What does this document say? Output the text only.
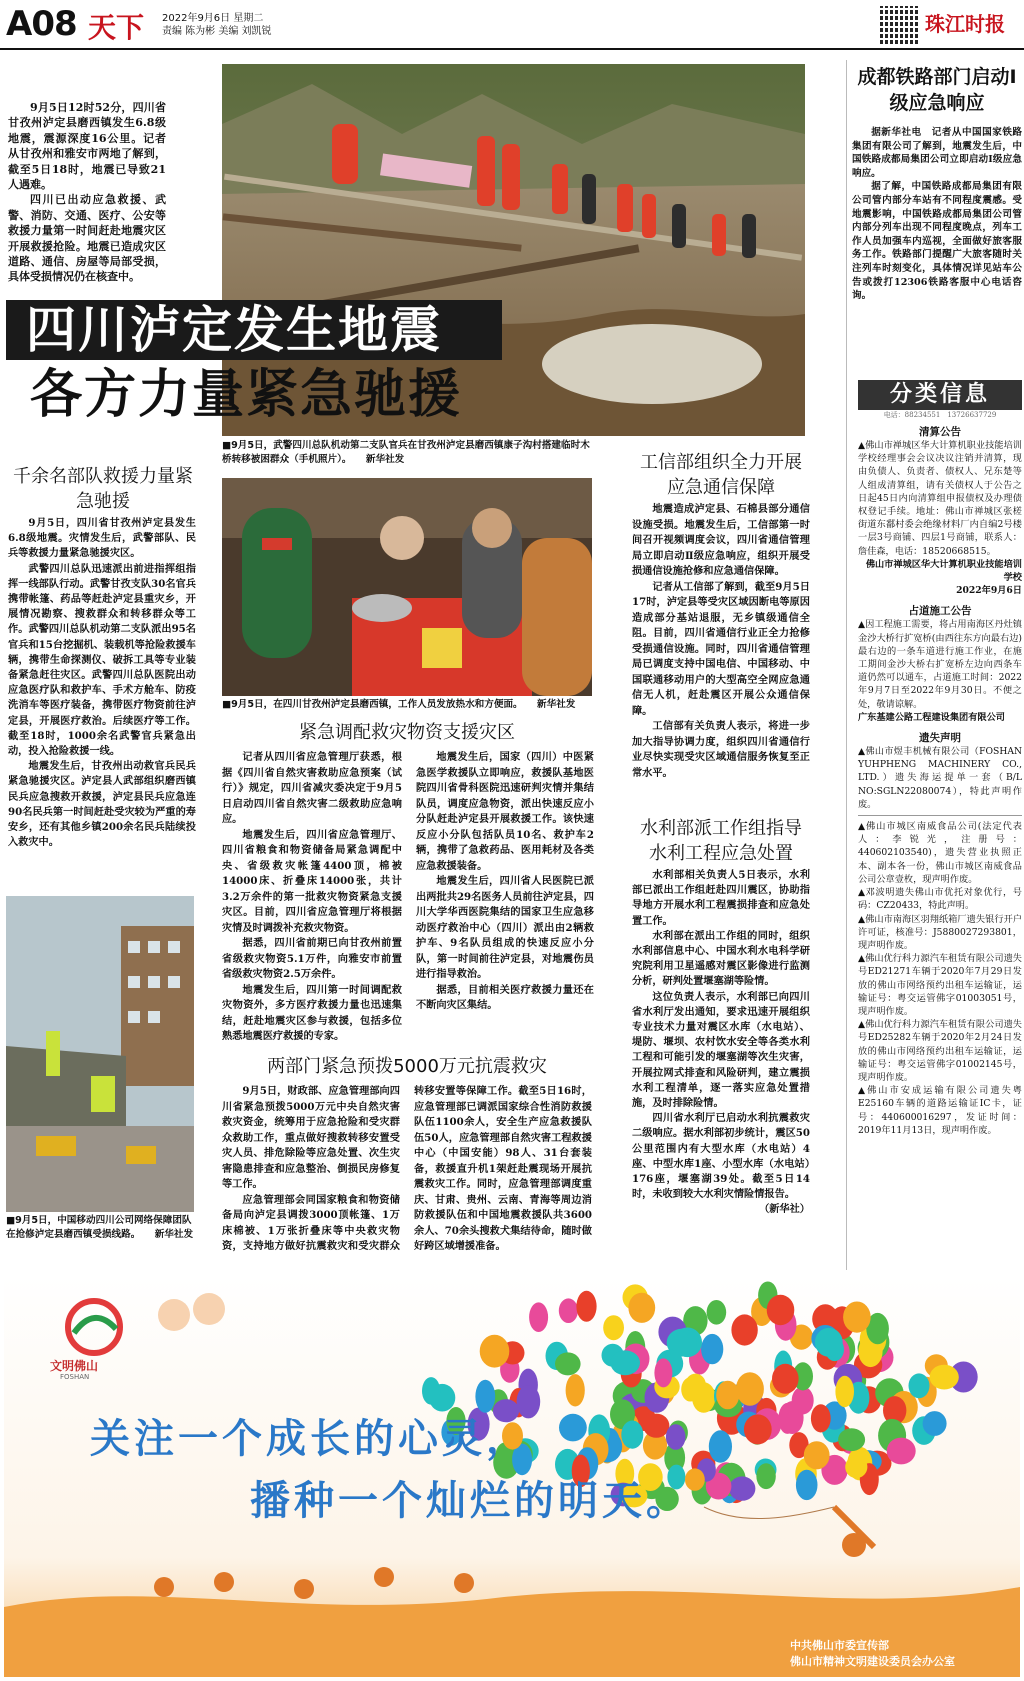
A08 天下 2022年9月6日 星期二
责编 陈为彬 美编 刘凯锐	珠江时报

9月5日12时52分，四川省甘孜州泸定县磨西镇发生6.8级地震，震源深度16公里。记者从甘孜州和雅安市两地了解到，截至5日18时，地震已导致21人遇难。

四川已出动应急救援、武警、消防、交通、医疗、公安等救援力量第一时间赶赴地震灾区开展救援抢险。地震已造成灾区道路、通信、房屋等局部受损，具体受损情况仍在核查中。

四川泸定发生地震
各方力量紧急驰援
■9月5日，武警四川总队机动第二支队官兵在甘孜州泸定县磨西镇康子沟村搭建临时木桥转移被困群众（手机照片）。　　新华社发
成都铁路部门启动Ⅰ级应急响应

据新华社电　记者从中国国家铁路集团有限公司了解到，地震发生后，中国铁路成都局集团公司立即启动Ⅰ级应急响应。

据了解，中国铁路成都局集团有限公司管内部分车站有不同程度震感。受地震影响，中国铁路成都局集团公司管内部分列车出现不同程度晚点，列车工作人员加强车内巡视，全面做好旅客服务工作。铁路部门提醒广大旅客随时关注列车时刻变化，具体情况详见站车公告或拨打12306铁路客服中心电话咨询。

分类信息
电话：88234551　13726637729
清算公告

▲佛山市禅城区华大计算机职业技能培训学校经理事会会议决议注销并清算，现由负债人、负责者、债权人、兄东楚等人组成清算组，请有关债权人于公告之日起45日内向清算组申报债权及办理债权登记手续。地址：佛山市禅城区张槎街道东鄱村委会绝缘材料厂内自编2号楼一层3号商铺、四层1号商铺，联系人：詹佳森，电话：18520668515。

佛山市禅城区华大计算机职业技能培训学校

2022年9月6日

占道施工公告

▲因工程施工需要，将占用南海区丹灶镇金沙大桥行扩宽桥(由西往东方向最右边)最右边的一条车道进行施工作业，在施工期间金沙大桥右扩宽桥左边向西条车道仍然可以通车，占道施工时间：2022年9月7日至2022年9月30日。不便之处，敬请谅解。

广东基建公路工程建设集团有限公司

遗失声明

▲佛山市煜丰机械有限公司（FOSHAN YUHPHENG MACHINERY CO., LTD.）遗失海运提单一套（B/L NO:SGLN22080074），特此声明作废。

▲佛山市城区南威食品公司(法定代表人：李锐光，注册号：440602103540)，遗失营业执照正本、副本各一份，佛山市城区南威食品公司公章壹枚，现声明作废。

▲邓波明遗失佛山市优托对象优行，号码：CZ20433，特此声明。

▲佛山市南海区羽翔纸箱厂遗失银行开户许可证，核准号：J5880027293801，现声明作废。

▲佛山优行科力源汽车租赁有限公司遗失号ED21271车辆于2020年7月29日发放的佛山市网络预约出租车运输证，运输证号：粤交运管佛字01003051号，现声明作废。

▲佛山优行科力源汽车租赁有限公司遗失号ED25282车辆于2020年2月24日发放的佛山市网络预约出租车运输证，运输证号：粤交运管佛字01002145号，现声明作废。

▲佛山市安成运输有限公司遗失粤E25160车辆的道路运输证IC卡，证号：440600016297，发证时间：2019年11月13日，现声明作废。

千余名部队救援力量紧急驰援

9月5日，四川省甘孜州泸定县发生6.8级地震。灾情发生后，武警部队、民兵等救援力量紧急驰援灾区。

武警四川总队迅速派出前进指挥组指挥一线部队行动。武警甘孜支队30名官兵携带帐篷、药品等赶赴泸定县重灾乡，开展情况勘察、搜救群众和转移群众等工作。武警四川总队机动第二支队派出95名官兵和15台挖掘机、装载机等抢险救援车辆，携带生命探测仪、破拆工具等专业装备紧急赶往灾区。武警四川总队医院出动应急医疗队和救护车、手术方舱车、防疫洗消车等医疗装备，携带医疗物资前往泸定县，开展医疗救治。后续医疗等工作。截至18时，1000余名武警官兵紧急出动，投入抢险救援一线。

地震发生后，甘孜州出动救官兵民兵紧急驰援灾区。泸定县人武部组织磨西镇民兵应急搜救开救援，泸定县民兵应急连90名民兵第一时间赶赴受灾较为严重的寿安乡，还有其他乡镇200余名民兵陆续投入救灾中。

■9月5日，中国移动四川公司网络保障团队在抢修泸定县磨西镇受损线路。　　新华社发
■9月5日，在四川甘孜州泸定县磨西镇，工作人员发放热水和方便面。　　新华社发
紧急调配救灾物资支援灾区

记者从四川省应急管理厅获悉，根据《四川省自然灾害救助应急预案（试行）》规定，四川省减灾委决定于9月5日启动四川省自然灾害二级救助应急响应。

地震发生后，四川省应急管理厅、四川省粮食和物资储备局紧急调配中央、省级救灾帐篷4400顶，棉被14000床、折叠床14000张，共计3.2万余件的第一批救灾物资紧急支援灾区。目前，四川省应急管理厅将根据灾情及时调拨补充救灾物资。

据悉，四川省前期已向甘孜州前置省级救灾物资5.1万件，向雅安市前置省级救灾物资2.5万余件。

地震发生后，四川第一时间调配救灾物资外，多方医疗救援力量也迅速集结，赶赴地震灾区参与救援，包括多位熟悉地震医疗救援的专家。

地震发生后，国家（四川）中医紧急医学救援队立即响应，救援队基地医院四川省骨科医院迅速研判灾情并集结队员，调度应急物资，派出快速反应小分队赶赴泸定县开展救援工作。该快速反应小分队包括队员10名、救护车2辆，携带了急救药品、医用耗材及各类应急救援装备。

地震发生后，四川省人民医院已派出两批共29名医务人员前往泸定县，四川大学华西医院集结的国家卫生应急移动医疗救治中心（四川）派出由2辆救护车、9名队员组成的快速反应小分队，第一时间前往泸定县，对地震伤员进行指导救治。

据悉，目前相关医疗救援力量还在不断向灾区集结。

两部门紧急预拨5000万元抗震救灾

9月5日，财政部、应急管理部向四川省紧急预拨5000万元中央自然灾害救灾资金，统筹用于应急抢险和受灾群众救助工作，重点做好搜救转移安置受灾人员、排危除险等应急处置、次生灾害隐患排查和应急整治、倒损民房修复等工作。

应急管理部会同国家粮食和物资储备局向泸定县调拨3000顶帐篷、1万床棉被、1万张折叠床等中央救灾物资，支持地方做好抗震救灾和受灾群众转移安置等保障工作。截至5日16时，应急管理部已调派国家综合性消防救援队伍1100余人，安全生产应急救援队伍50人，应急管理部自然灾害工程救援中心（中国安能）98人、31台套装备，救援直升机1架赶赴震现场开展抗震救灾工作。同时，应急管理部调度重庆、甘肃、贵州、云南、青海等周边消防救援队伍和中国地震救援队共3600余人、70余头搜救犬集结待命，随时做好跨区域增援准备。

工信部组织全力开展应急通信保障

地震造成泸定县、石棉县部分通信设施受损。地震发生后，工信部第一时间召开视频调度会议，四川省通信管理局立即启动Ⅱ级应急响应，组织开展受损通信设施抢修和应急通信保障。

记者从工信部了解到，截至9月5日17时，泸定县等受灾区域因断电等原因造成部分基站退服，无乡镇级通信全阻。目前，四川省通信行业正全力抢修受损通信设施。同时，四川省通信管理局已调度支持中国电信、中国移动、中国联通移动用户的大型高空全网应急通信无人机，赶赴震区开展公众通信保障。

工信部有关负责人表示，将进一步加大指导协调力度，组织四川省通信行业尽快实现受灾区域通信服务恢复至正常水平。

水利部派工作组指导水利工程应急处置

水利部相关负责人5日表示，水利部已派出工作组赶赴四川震区，协助指导地方开展水利工程震损排查和应急处置工作。

水利部在派出工作组的同时，组织水利部信息中心、中国水利水电科学研究院利用卫星遥感对震区影像进行监测分析，研判处置堰塞湖等险情。

这位负责人表示，水利部已向四川省水利厅发出通知，要求迅速开展组织专业技术力量对震区水库（水电站）、堤防、堰坝、农村饮水安全等各类水利工程和可能引发的堰塞湖等次生灾害，开展拉网式排查和风险研判，建立震损水利工程清单，逐一落实应急处置措施，及时排除险情。

四川省水利厅已启动水利抗震救灾二级响应。据水利部初步统计，震区50公里范围内有大型水库（水电站）4座、中型水库1座、小型水库（水电站）176座，堰塞湖39处。截至5日14时，未收到较大水利灾情险情报告。

（新华社）

文明佛山
FOSHAN
关注一个成长的心灵，
播种一个灿烂的明天。
中共佛山市委宣传部
佛山市精神文明建设委员会办公室
